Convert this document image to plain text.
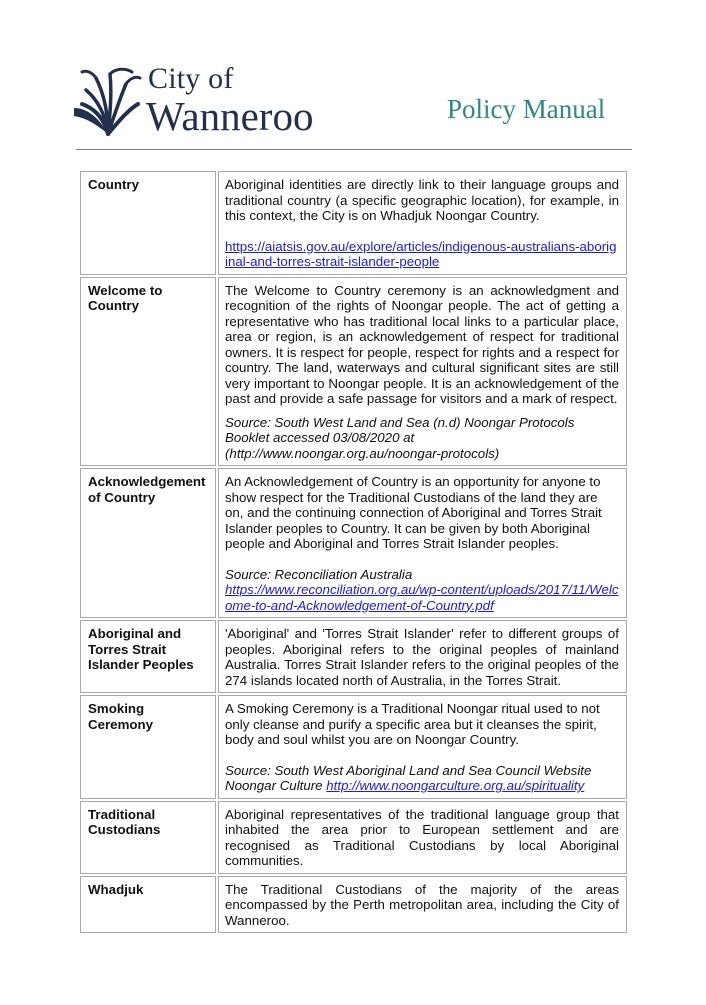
City of
Wanneroo	Policy Manual
Country	Aboriginal identities are directly link to their language groups and traditional country (a specific geographic location), for example, in this context, the City is on Whadjuk Noongar Country.

https://aiatsis.gov.au/explore/articles/indigenous-australians-aboriginal-and-torres-strait-islander-people

Welcome to Country	The Welcome to Country ceremony is an acknowledgment and recognition of the rights of Noongar people. The act of getting a representative who has traditional local links to a particular place, area or region, is an acknowledgement of respect for traditional owners. It is respect for people, respect for rights and a respect for country. The land, waterways and cultural significant sites are still very important to Noongar people. It is an acknowledgement of the past and provide a safe passage for visitors and a mark of respect.

Source: South West Land and Sea (n.d) Noongar Protocols Booklet accessed 03/08/2020 at (http://www.noongar.org.au/noongar-protocols)

Acknowledgement of Country	An Acknowledgement of Country is an opportunity for anyone to show respect for the Traditional Custodians of the land they are on, and the continuing connection of Aboriginal and Torres Strait Islander peoples to Country. It can be given by both Aboriginal people and Aboriginal and Torres Strait Islander peoples.

Source: Reconciliation Australia

https://www.reconciliation.org.au/wp-content/uploads/2017/11/Welcome-to-and-Acknowledgement-of-Country.pdf

Aboriginal and Torres Strait Islander Peoples	'Aboriginal' and 'Torres Strait Islander' refer to different groups of peoples. Aboriginal refers to the original peoples of mainland Australia. Torres Strait Islander refers to the original peoples of the 274 islands located north of Australia, in the Torres Strait.

Smoking Ceremony	A Smoking Ceremony is a Traditional Noongar ritual used to not only cleanse and purify a specific area but it cleanses the spirit, body and soul whilst you are on Noongar Country.

Source: South West Aboriginal Land and Sea Council Website Noongar Culture http://www.noongarculture.org.au/spirituality

Traditional Custodians	Aboriginal representatives of the traditional language group that inhabited the area prior to European settlement and are recognised as Traditional Custodians by local Aboriginal communities.

Whadjuk	The Traditional Custodians of the majority of the areas encompassed by the Perth metropolitan area, including the City of Wanneroo.
